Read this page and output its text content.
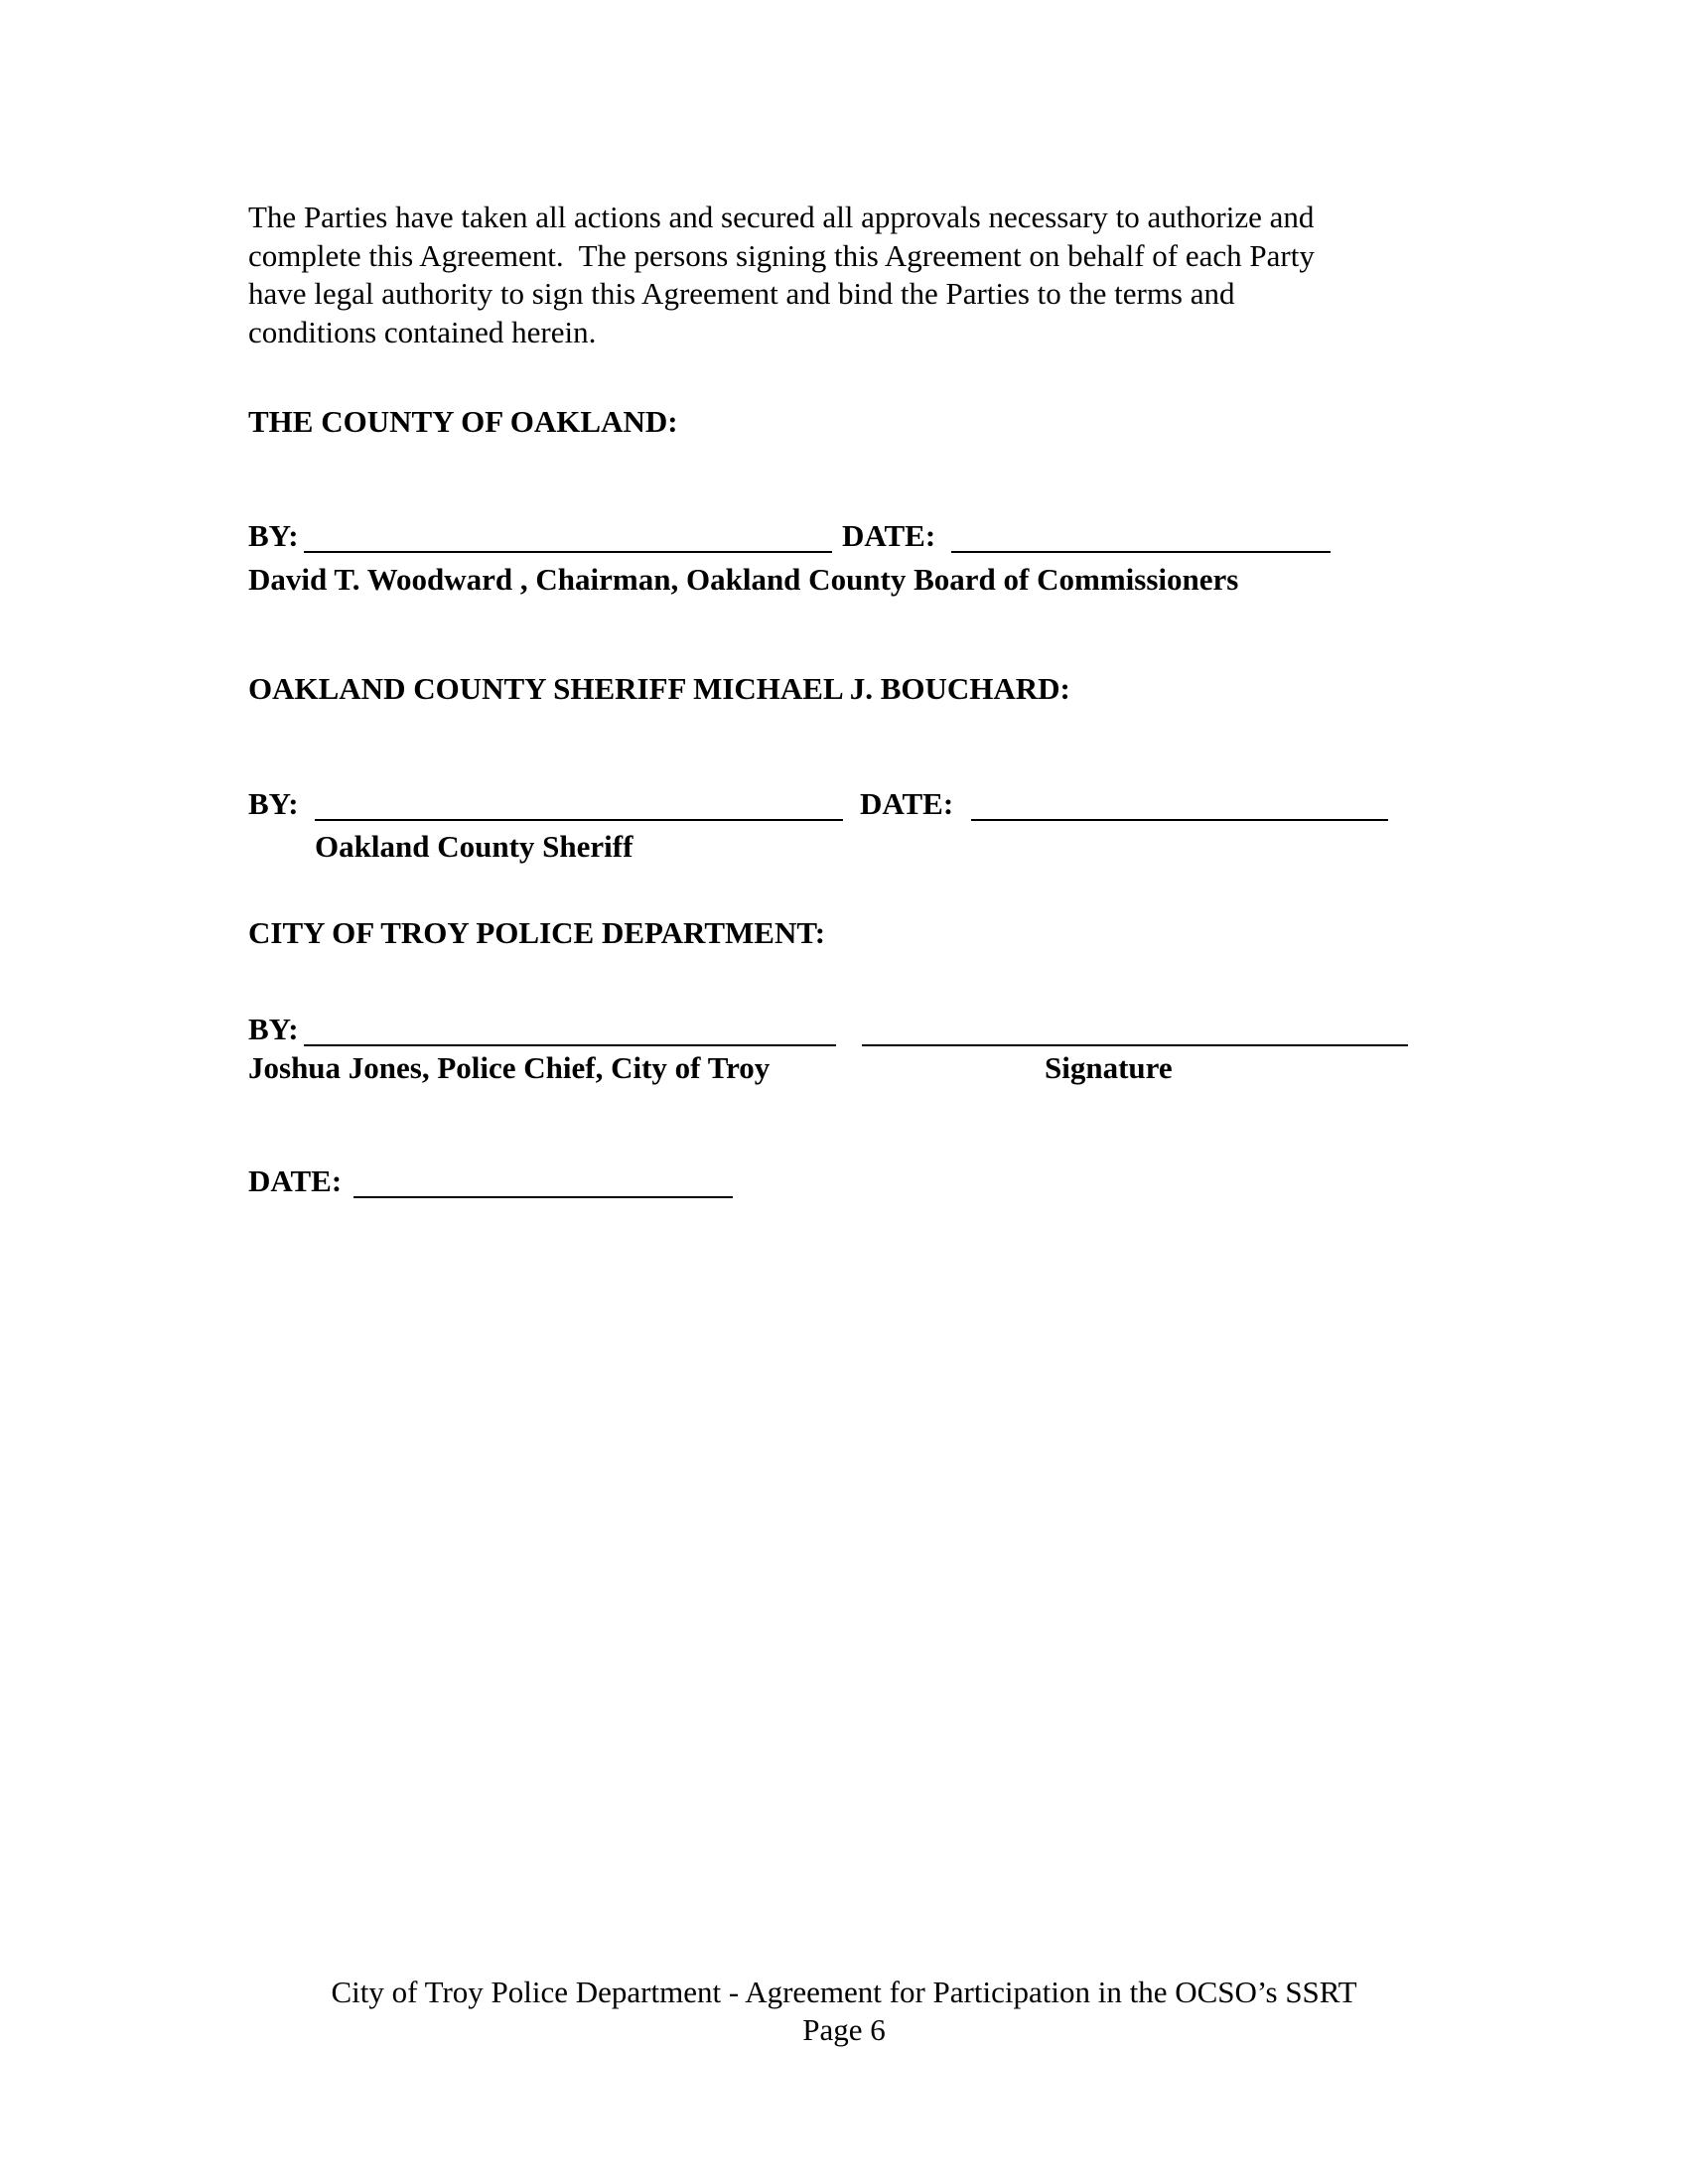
The Parties have taken all actions and secured all approvals necessary to authorize and
complete this Agreement.  The persons signing this Agreement on behalf of each Party
have legal authority to sign this Agreement and bind the Parties to the terms and
conditions contained herein.

THE COUNTY OF OAKLAND:
BY:	DATE:
David T. Woodward , Chairman, Oakland County Board of Commissioners
OAKLAND COUNTY SHERIFF MICHAEL J. BOUCHARD:
BY:	DATE:
Oakland County Sheriff
CITY OF TROY POLICE DEPARTMENT:
BY:
Joshua Jones, Police Chief, City of Troy	Signature
DATE:
City of Troy Police Department - Agreement for Participation in the OCSO’s SSRT
Page 6
